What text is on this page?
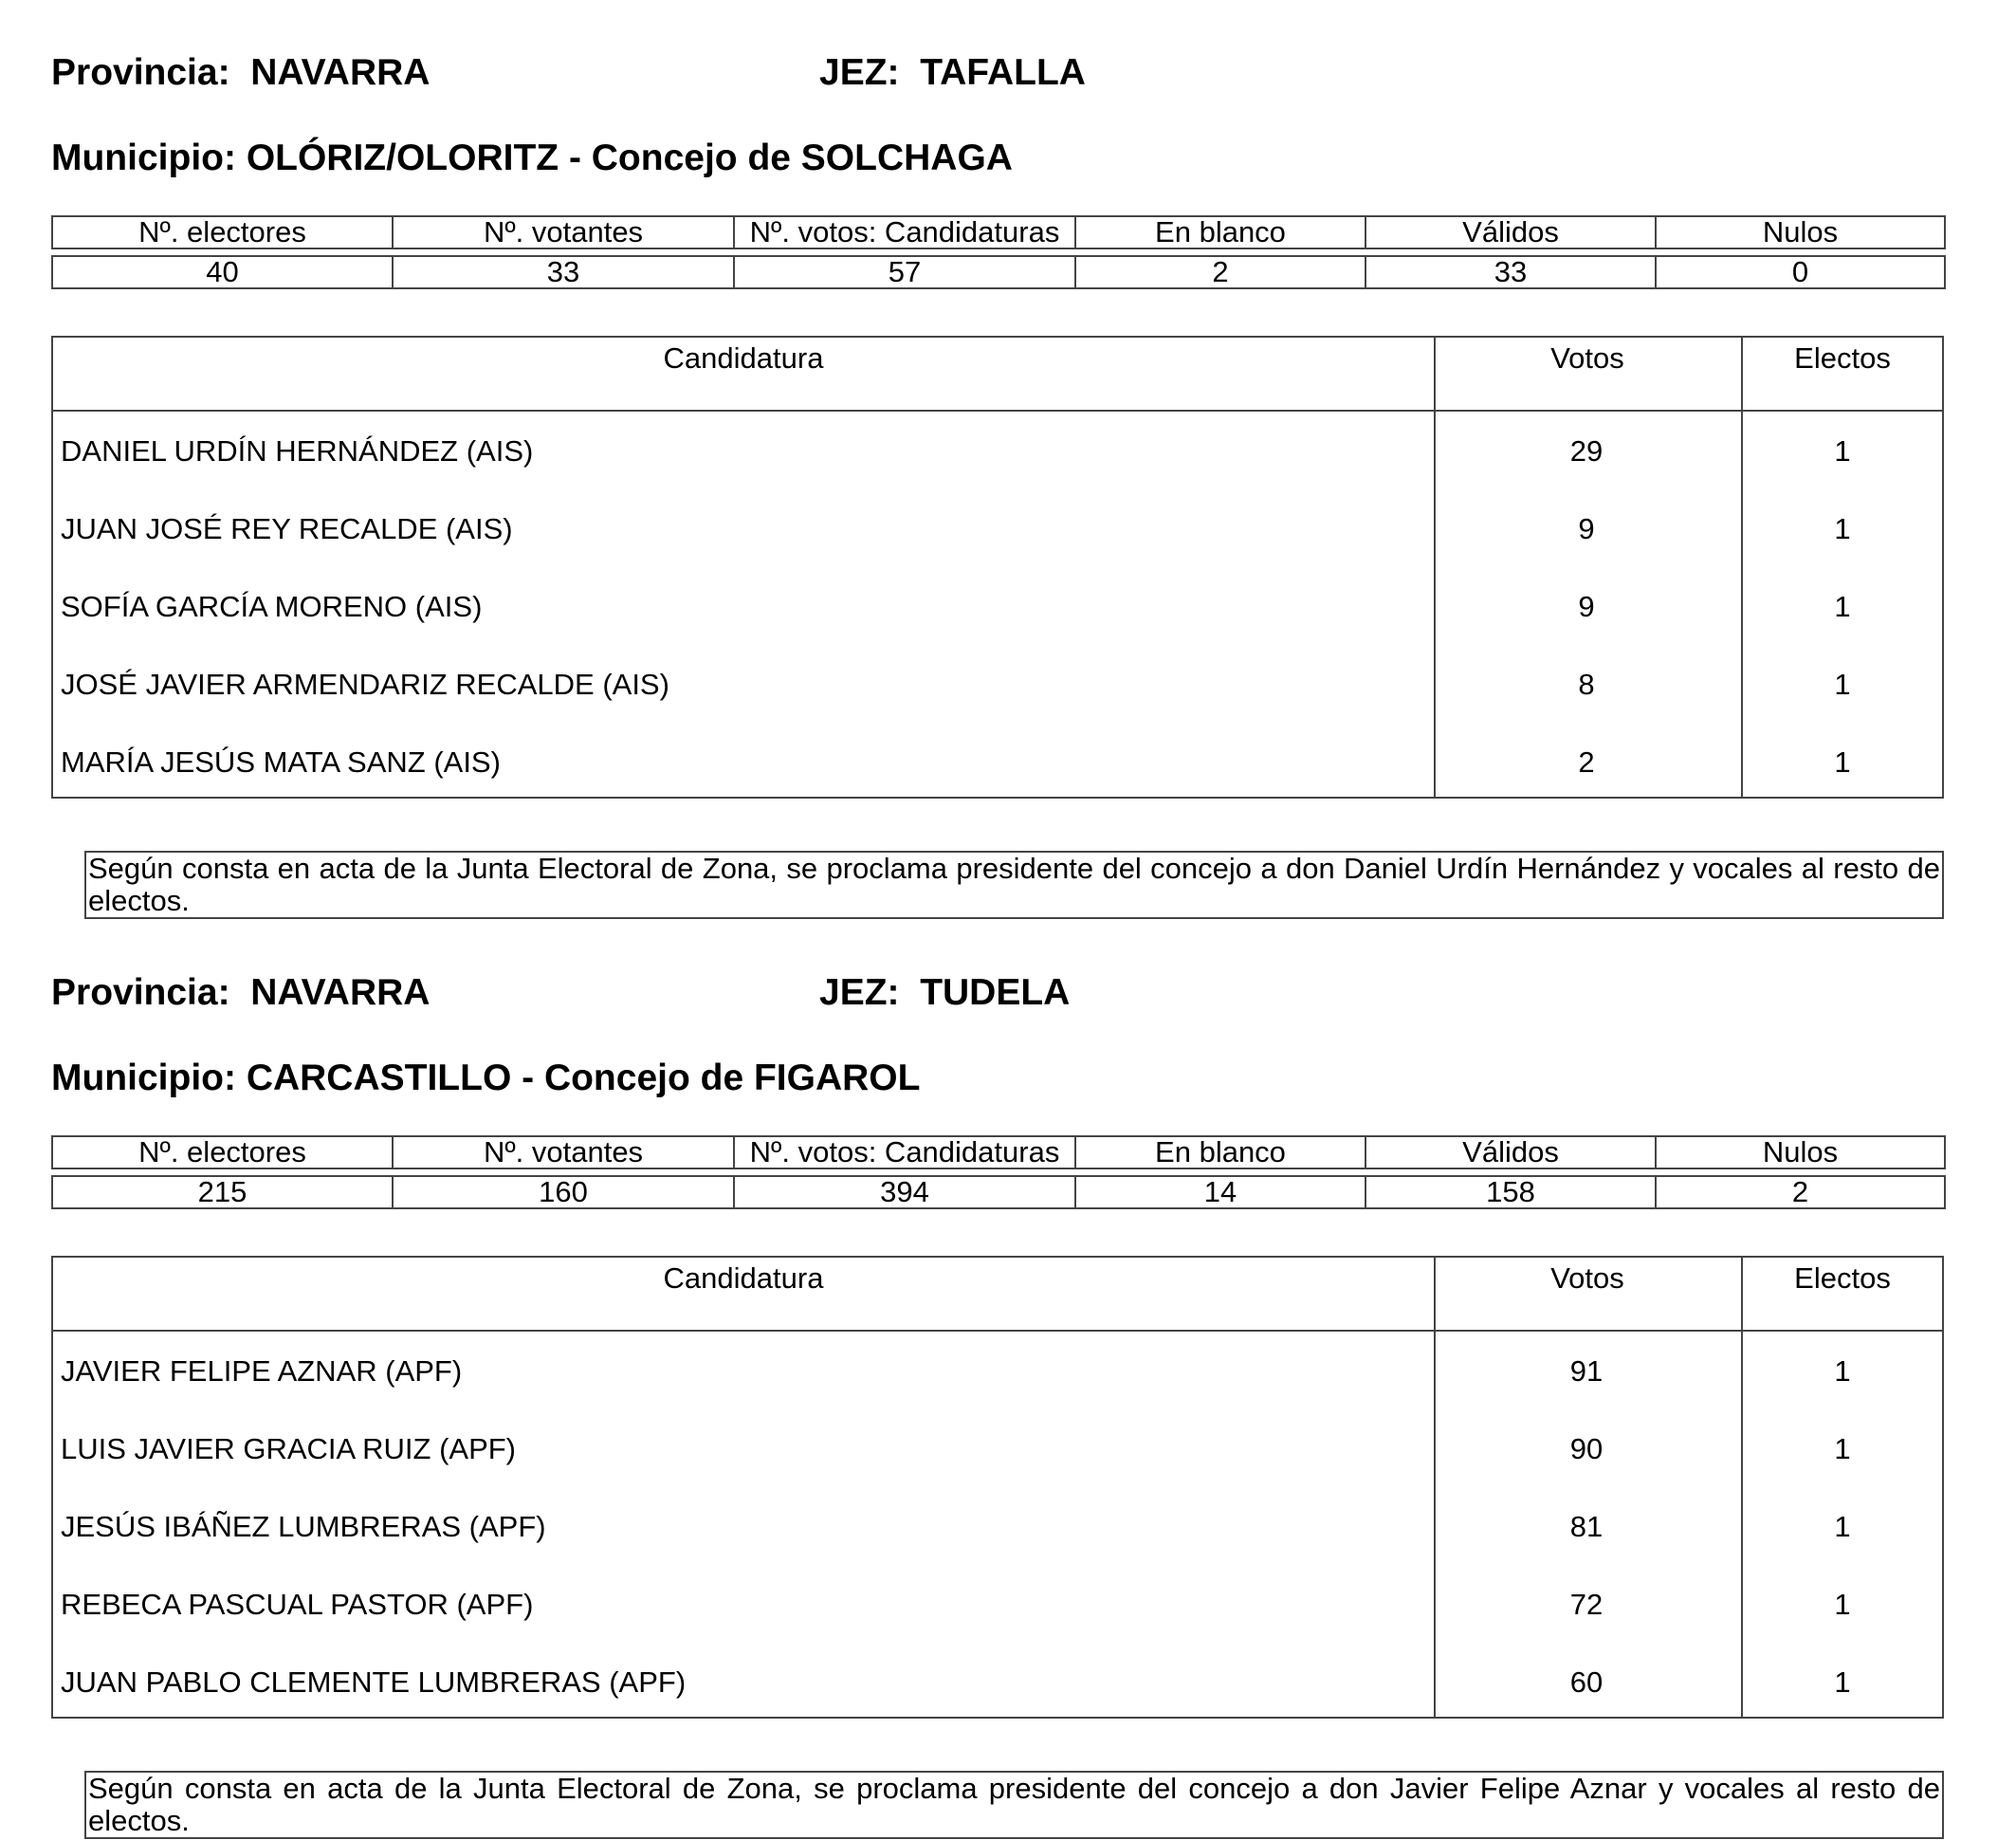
Provincia: NAVARRA	JEZ: TAFALLA
Municipio: OLÓRIZ/OLORITZ - Concejo de SOLCHAGA
Nº. electores	Nº. votantes	Nº. votos: Candidaturas	En blanco	Válidos	Nulos

40	33	57	2	33	0
Candidatura	Votos	Electos
DANIEL URDÍN HERNÁNDEZ (AIS)	29	1
JUAN JOSÉ REY RECALDE (AIS)	9	1
SOFÍA GARCÍA MORENO (AIS)	9	1
JOSÉ JAVIER ARMENDARIZ RECALDE (AIS)	8	1
MARÍA JESÚS MATA SANZ (AIS)	2	1
Según consta en acta de la Junta Electoral de Zona, se proclama presidente del concejo a don Daniel Urdín Hernández y vocales al resto de electos.
Provincia: NAVARRA	JEZ: TUDELA
Municipio: CARCASTILLO - Concejo de FIGAROL
Nº. electores	Nº. votantes	Nº. votos: Candidaturas	En blanco	Válidos	Nulos

215	160	394	14	158	2
Candidatura	Votos	Electos
JAVIER FELIPE AZNAR (APF)	91	1
LUIS JAVIER GRACIA RUIZ (APF)	90	1
JESÚS IBÁÑEZ LUMBRERAS (APF)	81	1
REBECA PASCUAL PASTOR (APF)	72	1
JUAN PABLO CLEMENTE LUMBRERAS (APF)	60	1
Según consta en acta de la Junta Electoral de Zona, se proclama presidente del concejo a don Javier Felipe Aznar y vocales al resto de electos.
